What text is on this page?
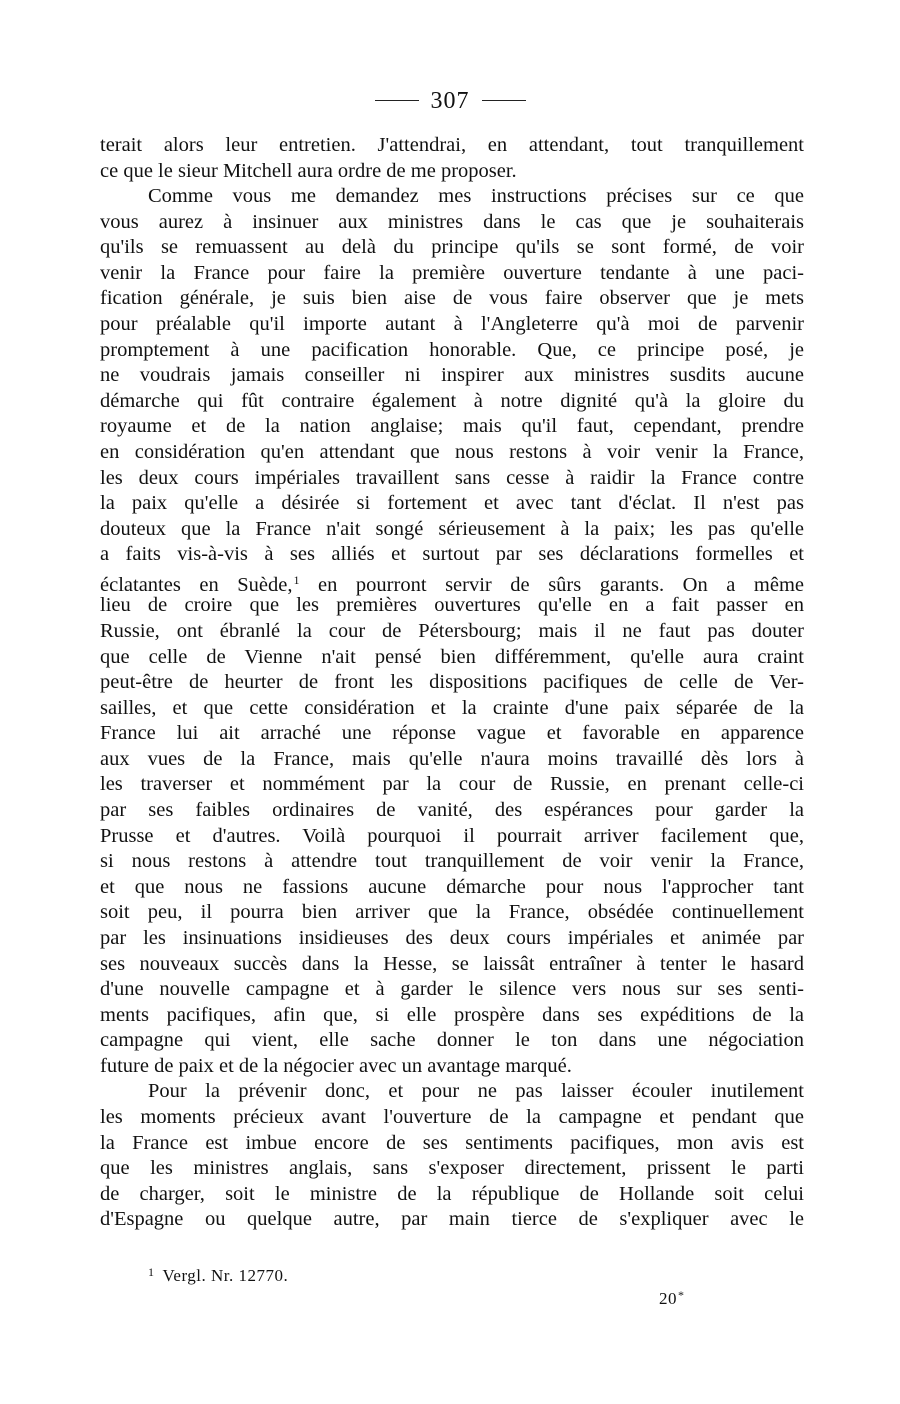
307
terait alors leur entretien. J'attendrai, en attendant, tout tranquillement
ce que le sieur Mitchell aura ordre de me proposer.
Comme vous me demandez mes instructions précises sur ce que
vous aurez à insinuer aux ministres dans le cas que je souhaiterais
qu'ils se remuassent au delà du principe qu'ils se sont formé, de voir
venir la France pour faire la première ouverture tendante à une paci-
fication générale, je suis bien aise de vous faire observer que je mets
pour préalable qu'il importe autant à l'Angleterre qu'à moi de parvenir
promptement à une pacification honorable. Que, ce principe posé, je
ne voudrais jamais conseiller ni inspirer aux ministres susdits aucune
démarche qui fût contraire également à notre dignité qu'à la gloire du
royaume et de la nation anglaise; mais qu'il faut, cependant, prendre
en considération qu'en attendant que nous restons à voir venir la France,
les deux cours impériales travaillent sans cesse à raidir la France contre
la paix qu'elle a désirée si fortement et avec tant d'éclat. Il n'est pas
douteux que la France n'ait songé sérieusement à la paix; les pas qu'elle
a faits vis-à-vis à ses alliés et surtout par ses déclarations formelles et
éclatantes en Suède,$^1$ en pourront servir de sûrs garants. On a même
lieu de croire que les premières ouvertures qu'elle en a fait passer en
Russie, ont ébranlé la cour de Pétersbourg; mais il ne faut pas douter
que celle de Vienne n'ait pensé bien différemment, qu'elle aura craint
peut-être de heurter de front les dispositions pacifiques de celle de Ver-
sailles, et que cette considération et la crainte d'une paix séparée de la
France lui ait arraché une réponse vague et favorable en apparence
aux vues de la France, mais qu'elle n'aura moins travaillé dès lors à
les traverser et nommément par la cour de Russie, en prenant celle-ci
par ses faibles ordinaires de vanité, des espérances pour garder la
Prusse et d'autres. Voilà pourquoi il pourrait arriver facilement que,
si nous restons à attendre tout tranquillement de voir venir la France,
et que nous ne fassions aucune démarche pour nous l'approcher tant
soit peu, il pourra bien arriver que la France, obsédée continuellement
par les insinuations insidieuses des deux cours impériales et animée par
ses nouveaux succès dans la Hesse, se laissât entraîner à tenter le hasard
d'une nouvelle campagne et à garder le silence vers nous sur ses senti-
ments pacifiques, afin que, si elle prospère dans ses expéditions de la
campagne qui vient, elle sache donner le ton dans une négociation
future de paix et de la négocier avec un avantage marqué.
Pour la prévenir donc, et pour ne pas laisser écouler inutilement
les moments précieux avant l'ouverture de la campagne et pendant que
la France est imbue encore de ses sentiments pacifiques, mon avis est
que les ministres anglais, sans s'exposer directement, prissent le parti
de charger, soit le ministre de la république de Hollande soit celui
d'Espagne ou quelque autre, par main tierce de s'expliquer avec le
$^1$ Vergl. Nr. 12770.
20*
